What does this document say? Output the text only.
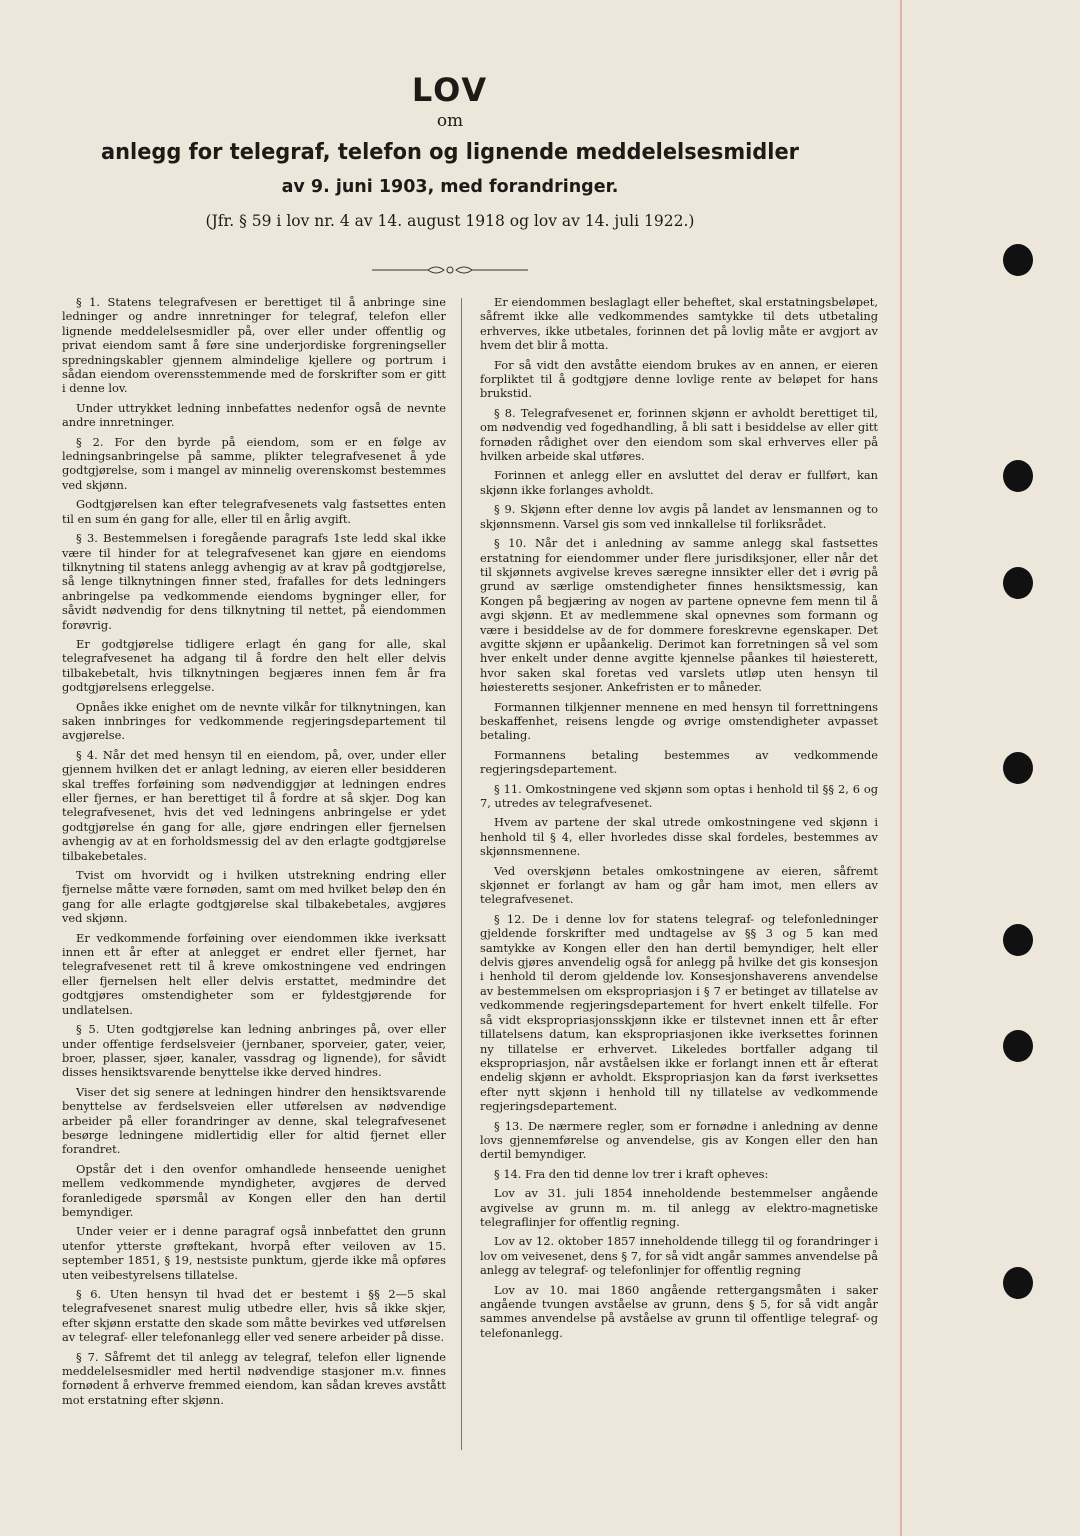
LOV

om

anlegg for telegraf, telefon og lignende meddelelsesmidler

av 9. juni 1903, med forandringer.

(Jfr. § 59 i lov nr. 4 av 14. august 1918 og lov av 14. juli 1922.)

§ 1. Statens telegrafvesen er berettiget til å anbringe sine ledninger og andre innretninger for telegraf, telefon eller lignende meddelelsesmidler på, over eller under offentlig og privat eiendom samt å føre sine underjordiske forgreningseller spredningskabler gjennem almindelige kjellere og portrum i sådan eiendom overensstemmende med de forskrifter som er gitt i denne lov.

Under uttrykket ledning innbefattes nedenfor også de nevnte andre innretninger.

§ 2. For den byrde på eiendom, som er en følge av ledningsanbringelse på samme, plikter telegrafvesenet å yde godtgjørelse, som i mangel av minnelig overenskomst bestemmes ved skjønn.

Godtgjørelsen kan efter telegrafvesenets valg fastsettes enten til en sum én gang for alle, eller til en årlig avgift.

§ 3. Bestemmelsen i foregående paragrafs 1ste ledd skal ikke være til hinder for at telegrafvesenet kan gjøre en eiendoms tilknytning til statens anlegg avhengig av at krav på godtgjørelse, så lenge tilknytningen finner sted, frafalles for dets ledningers anbringelse pa vedkommende eiendoms bygninger eller, for såvidt nødvendig for dens tilknytning til nettet, på eiendommen forøvrig.

Er godtgjørelse tidligere erlagt én gang for alle, skal telegrafvesenet ha adgang til å fordre den helt eller delvis tilbakebetalt, hvis tilknytningen begjæres innen fem år fra godtgjørelsens erleggelse.

Opnåes ikke enighet om de nevnte vilkår for tilknytningen, kan saken innbringes for vedkommende regjeringsdepartement til avgjørelse.

§ 4. Når det med hensyn til en eiendom, på, over, under eller gjennem hvilken det er anlagt ledning, av eieren eller besidderen skal treffes forføining som nødvendiggjør at ledningen endres eller fjernes, er han berettiget til å fordre at så skjer. Dog kan telegrafvesenet, hvis det ved ledningens anbringelse er ydet godtgjørelse én gang for alle, gjøre endringen eller fjernelsen avhengig av at en forholdsmessig del av den erlagte godtgjørelse tilbakebetales.

Tvist om hvorvidt og i hvilken utstrekning endring eller fjernelse måtte være fornøden, samt om med hvilket beløp den én gang for alle erlagte godtgjørelse skal tilbakebetales, avgjøres ved skjønn.

Er vedkommende forføining over eiendommen ikke iverksatt innen ett år efter at anlegget er endret eller fjernet, har telegrafvesenet rett til å kreve omkostningene ved endringen eller fjernelsen helt eller delvis erstattet, medmindre det godtgjøres omstendigheter som er fyldestgjørende for undlatelsen.

§ 5. Uten godtgjørelse kan ledning anbringes på, over eller under offentige ferdselsveier (jernbaner, sporveier, gater, veier, broer, plasser, sjøer, kanaler, vassdrag og lignende), for såvidt disses hensiktsvarende benyttelse ikke derved hindres.

Viser det sig senere at ledningen hindrer den hensiktsvarende benyttelse av ferdselsveien eller utførelsen av nødvendige arbeider på eller forandringer av denne, skal telegrafvesenet besørge ledningene midlertidig eller for altid fjernet eller forandret.

Opstår det i den ovenfor omhandlede henseende uenighet mellem vedkommende myndigheter, avgjøres de derved foranledigede spørsmål av Kongen eller den han dertil bemyndiger.

Under veier er i denne paragraf også innbefattet den grunn utenfor ytterste grøftekant, hvorpå efter veiloven av 15. september 1851, § 19, nestsiste punktum, gjerde ikke må opføres uten veibestyrelsens tillatelse.

§ 6. Uten hensyn til hvad det er bestemt i §§ 2—5 skal telegrafvesenet snarest mulig utbedre eller, hvis så ikke skjer, efter skjønn erstatte den skade som måtte bevirkes ved utførelsen av telegraf- eller telefonanlegg eller ved senere arbeider på disse.

§ 7. Såfremt det til anlegg av telegraf, telefon eller lignende meddelelsesmidler med hertil nødvendige stasjoner m.v. finnes fornødent å erhverve fremmed eiendom, kan sådan kreves avstått mot erstatning efter skjønn.

Er eiendommen beslaglagt eller beheftet, skal erstatningsbeløpet, såfremt ikke alle vedkommendes samtykke til dets utbetaling erhverves, ikke utbetales, forinnen det på lovlig måte er avgjort av hvem det blir å motta.

For så vidt den avståtte eiendom brukes av en annen, er eieren forpliktet til å godtgjøre denne lovlige rente av beløpet for hans brukstid.

§ 8. Telegrafvesenet er, forinnen skjønn er avholdt berettiget til, om nødvendig ved fogedhandling, å bli satt i besiddelse av eller gitt fornøden rådighet over den eiendom som skal erhverves eller på hvilken arbeide skal utføres.

Forinnen et anlegg eller en avsluttet del derav er fullført, kan skjønn ikke forlanges avholdt.

§ 9. Skjønn efter denne lov avgis på landet av lensmannen og to skjønnsmenn. Varsel gis som ved innkallelse til forliksrådet.

§ 10. Når det i anledning av samme anlegg skal fastsettes erstatning for eiendommer under flere jurisdiksjoner, eller når det til skjønnets avgivelse kreves særegne innsikter eller det i øvrig på grund av særlige omstendigheter finnes hensiktsmessig, kan Kongen på begjæring av nogen av partene opnevne fem menn til å avgi skjønn. Et av medlemmene skal opnevnes som formann og være i besiddelse av de for dommere foreskrevne egenskaper. Det avgitte skjønn er upåankelig. Derimot kan forretningen så vel som hver enkelt under denne avgitte kjennelse påankes til høiesterett, hvor saken skal foretas ved varslets utløp uten hensyn til høiesteretts sesjoner. Ankefristen er to måneder.

Formannen tilkjenner mennene en med hensyn til forrettningens beskaffenhet, reisens lengde og øvrige omstendigheter avpasset betaling.

Formannens betaling bestemmes av vedkommende regjeringsdepartement.

§ 11. Omkostningene ved skjønn som optas i henhold til §§ 2, 6 og 7, utredes av telegrafvesenet.

Hvem av partene der skal utrede omkostningene ved skjønn i henhold til § 4, eller hvorledes disse skal fordeles, bestemmes av skjønnsmennene.

Ved overskjønn betales omkostningene av eieren, såfremt skjønnet er forlangt av ham og går ham imot, men ellers av telegrafvesenet.

§ 12. De i denne lov for statens telegraf- og telefonledninger gjeldende forskrifter med undtagelse av §§ 3 og 5 kan med samtykke av Kongen eller den han dertil bemyndiger, helt eller delvis gjøres anvendelig også for anlegg på hvilke det gis konsesjon i henhold til derom gjeldende lov. Konsesjonshaverens anvendelse av bestemmelsen om ekspropriasjon i § 7 er betinget av tillatelse av vedkommende regjeringsdepartement for hvert enkelt tilfelle. For så vidt ekspropriasjonsskjønn ikke er tilstevnet innen ett år efter tillatelsens datum, kan ekspropriasjonen ikke iverksettes forinnen ny tillatelse er erhvervet. Likeledes bortfaller adgang til ekspropriasjon, når avståelsen ikke er forlangt innen ett år efterat endelig skjønn er avholdt. Ekspropriasjon kan da først iverksettes efter nytt skjønn i henhold till ny tillatelse av vedkommende regjeringsdepartement.

§ 13. De nærmere regler, som er fornødne i anledning av denne lovs gjennemførelse og anvendelse, gis av Kongen eller den han dertil bemyndiger.

§ 14. Fra den tid denne lov trer i kraft opheves:

Lov av 31. juli 1854 inneholdende bestemmelser angående avgivelse av grunn m. m. til anlegg av elektro-magnetiske telegraflinjer for offentlig regning.

Lov av 12. oktober 1857 inneholdende tillegg til og forandringer i lov om veivesenet, dens § 7, for så vidt angår sammes anvendelse på anlegg av telegraf- og telefonlinjer for offentlig regning

Lov av 10. mai 1860 angående rettergangsmåten i saker angående tvungen avståelse av grunn, dens § 5, for så vidt angår sammes anvendelse på avståelse av grunn til offentlige telegraf- og telefonanlegg.
